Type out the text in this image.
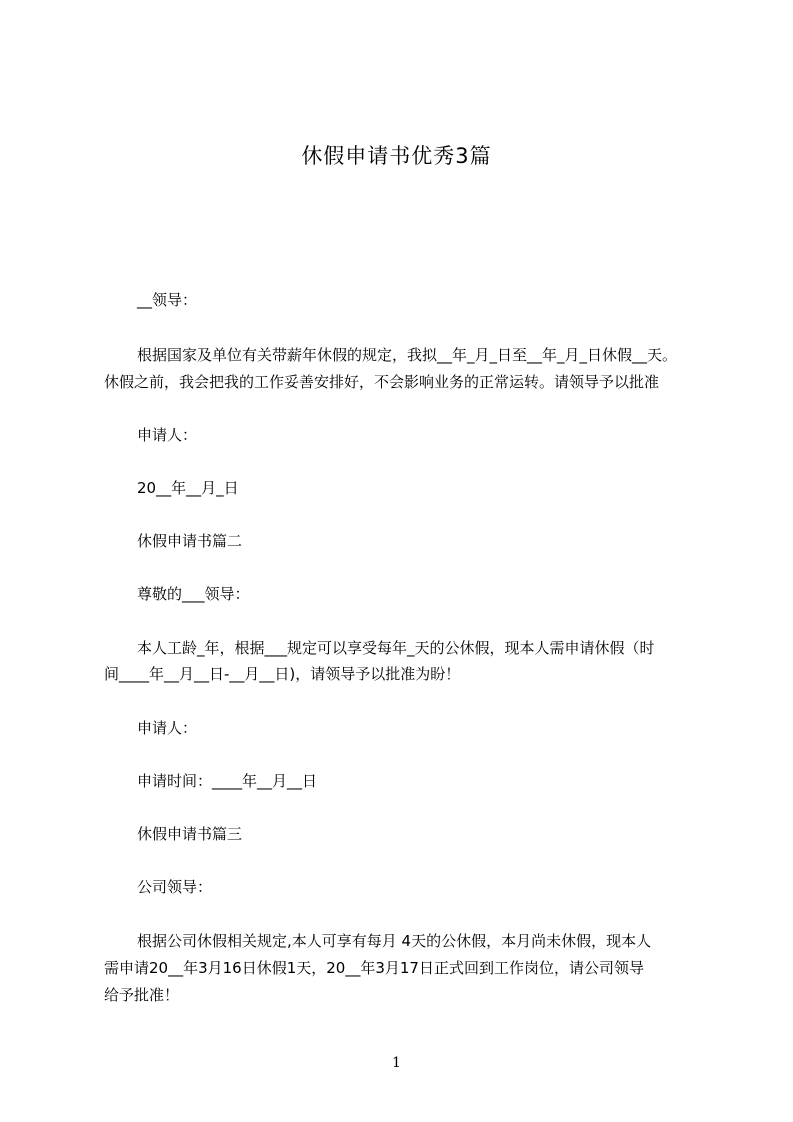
休假申请书优秀3篇
__领导：
根据国家及单位有关带薪年休假的规定，我拟__年_月_日至__年_月_日休假__天。
休假之前，我会把我的工作妥善安排好，不会影响业务的正常运转。请领导予以批准
申请人：
20__年__月_日
休假申请书篇二
尊敬的___领导：
本人工龄_年，根据___规定可以享受每年_天的公休假，现本人需申请休假（时
间____年__月__日-__月__日)，请领导予以批准为盼！
申请人：
申请时间：____年__月__日
休假申请书篇三
公司领导：
根据公司休假相关规定,本人可享有每月 4天的公休假，本月尚未休假，现本人
需申请20__年3月16日休假1天，20__年3月17日正式回到工作岗位，请公司领导
给予批准！
1
